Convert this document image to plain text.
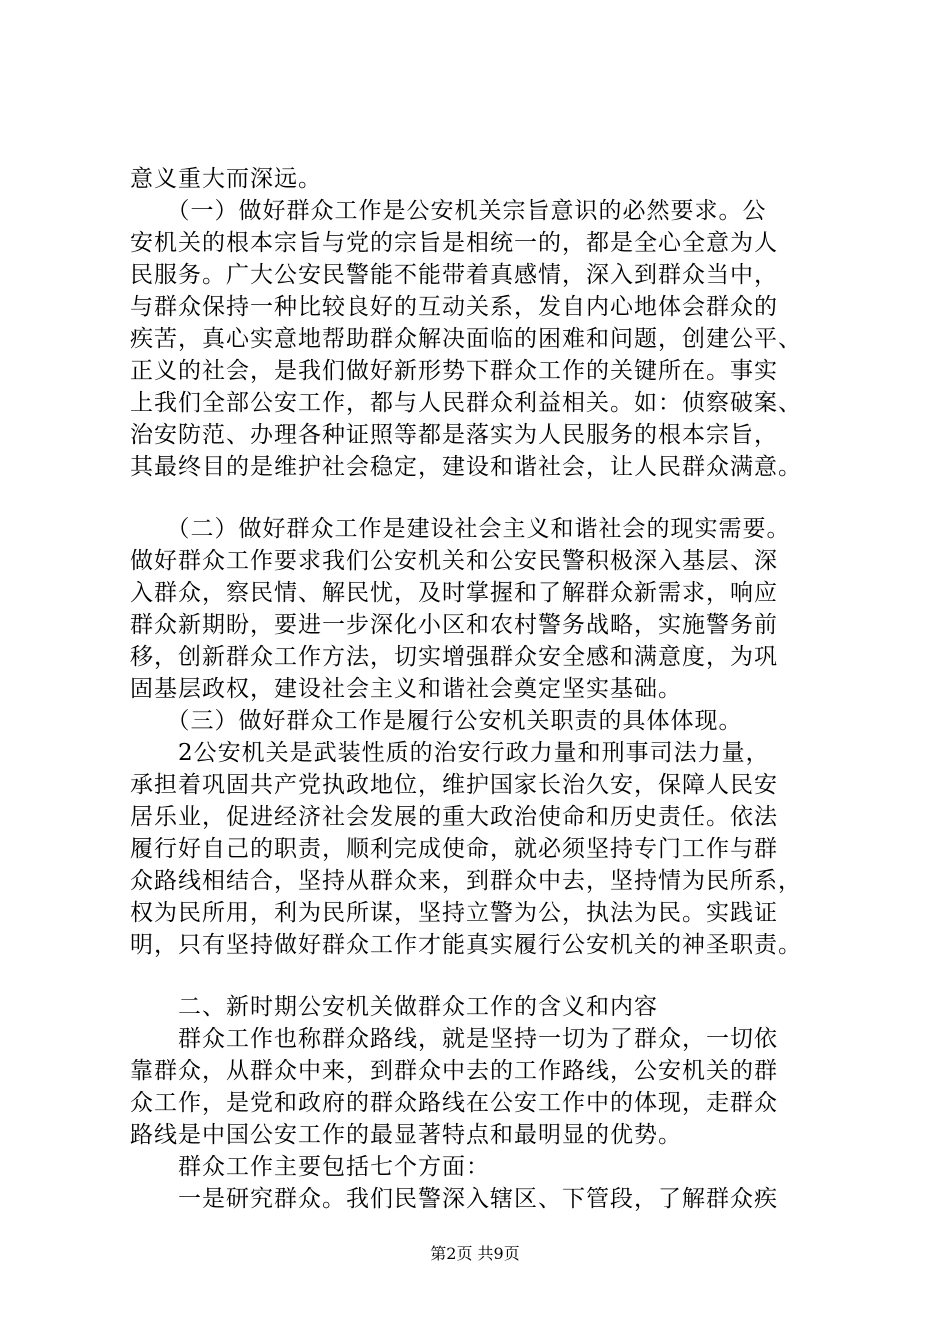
意义重大而深远。
　　（一）做好群众工作是公安机关宗旨意识的必然要求。公
安机关的根本宗旨与党的宗旨是相统一的，都是全心全意为人
民服务。广大公安民警能不能带着真感情，深入到群众当中，
与群众保持一种比较良好的互动关系，发自内心地体会群众的
疾苦，真心实意地帮助群众解决面临的困难和问题，创建公平、
正义的社会，是我们做好新形势下群众工作的关键所在。事实
上我们全部公安工作，都与人民群众利益相关。如：侦察破案、
治安防范、办理各种证照等都是落实为人民服务的根本宗旨，
其最终目的是维护社会稳定，建设和谐社会，让人民群众满意。
　　（二）做好群众工作是建设社会主义和谐社会的现实需要。
做好群众工作要求我们公安机关和公安民警积极深入基层、深
入群众，察民情、解民忧，及时掌握和了解群众新需求，响应
群众新期盼，要进一步深化小区和农村警务战略，实施警务前
移，创新群众工作方法，切实增强群众安全感和满意度，为巩
固基层政权，建设社会主义和谐社会奠定坚实基础。
　　（三）做好群众工作是履行公安机关职责的具体体现。
　　2公安机关是武装性质的治安行政力量和刑事司法力量，
承担着巩固共产党执政地位，维护国家长治久安，保障人民安
居乐业，促进经济社会发展的重大政治使命和历史责任。依法
履行好自己的职责，顺利完成使命，就必须坚持专门工作与群
众路线相结合，坚持从群众来，到群众中去，坚持情为民所系，
权为民所用，利为民所谋，坚持立警为公，执法为民。实践证
明，只有坚持做好群众工作才能真实履行公安机关的神圣职责。
　　二、新时期公安机关做群众工作的含义和内容
　　群众工作也称群众路线，就是坚持一切为了群众，一切依
靠群众，从群众中来，到群众中去的工作路线，公安机关的群
众工作，是党和政府的群众路线在公安工作中的体现，走群众
路线是中国公安工作的最显著特点和最明显的优势。
　　群众工作主要包括七个方面：
　　一是研究群众。我们民警深入辖区、下管段，了解群众疾
第2页 共9页
